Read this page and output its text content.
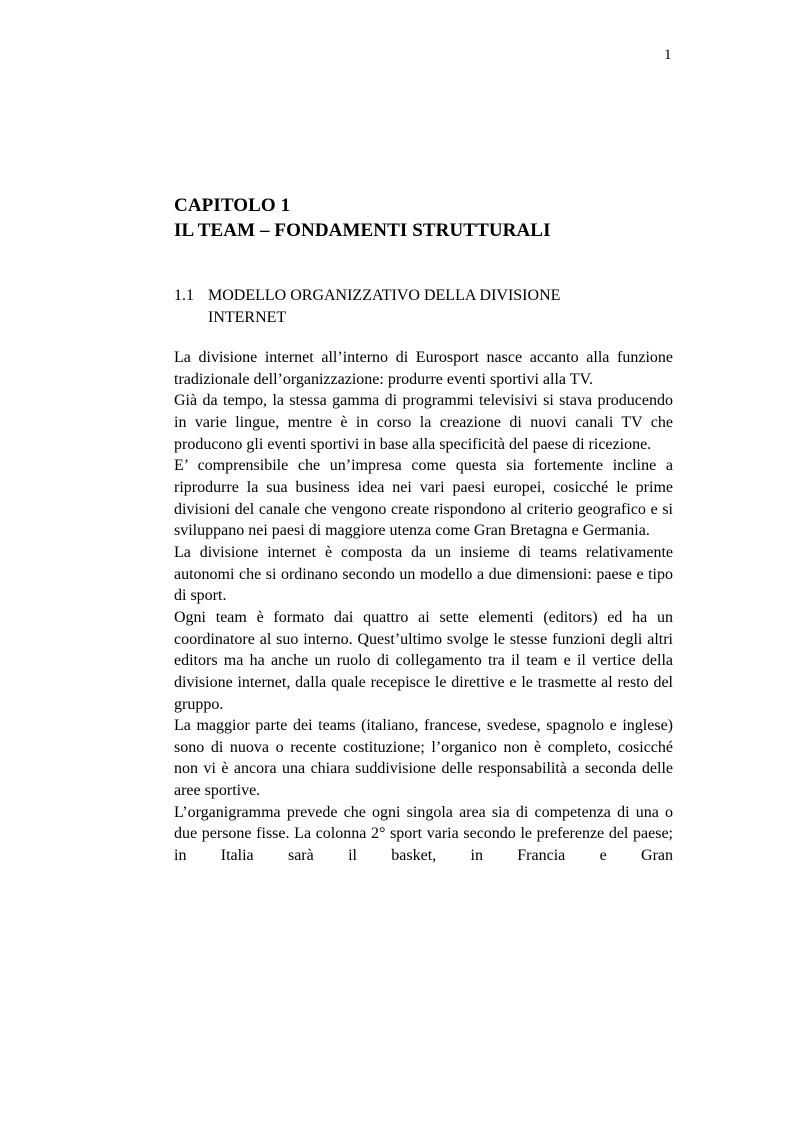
1
CAPITOLO 1
IL TEAM – FONDAMENTI STRUTTURALI
1.1 MODELLO ORGANIZZATIVO DELLA DIVISIONE INTERNET

La divisione internet all’interno di Eurosport nasce accanto alla funzione tradizionale dell’organizzazione: produrre eventi sportivi alla TV.

Già da tempo, la stessa gamma di programmi televisivi si stava producendo in varie lingue, mentre è in corso la creazione di nuovi canali TV che producono gli eventi sportivi in base alla specificità del paese di ricezione.

E’ comprensibile che un’impresa come questa sia fortemente incline a riprodurre la sua business idea nei vari paesi europei, cosicché le prime divisioni del canale che vengono create rispondono al criterio geografico e si sviluppano nei paesi di maggiore utenza come Gran Bretagna e Germania.

La divisione internet è composta da un insieme di teams relativamente autonomi che si ordinano secondo un modello a due dimensioni: paese e tipo di sport.

Ogni team è formato dai quattro ai sette elementi (editors) ed ha un coordinatore al suo interno. Quest’ultimo svolge le stesse funzioni degli altri editors ma ha anche un ruolo di collegamento tra il team e il vertice della divisione internet, dalla quale recepisce le direttive e le trasmette al resto del gruppo.

La maggior parte dei teams (italiano, francese, svedese, spagnolo e inglese) sono di nuova o recente costituzione; l’organico non è completo, cosicché non vi è ancora una chiara suddivisione delle responsabilità a seconda delle aree sportive.

L’organigramma prevede che ogni singola area sia di competenza di una o due persone fisse. La colonna 2° sport varia secondo le preferenze del paese; in Italia sarà il basket, in Francia e Gran
